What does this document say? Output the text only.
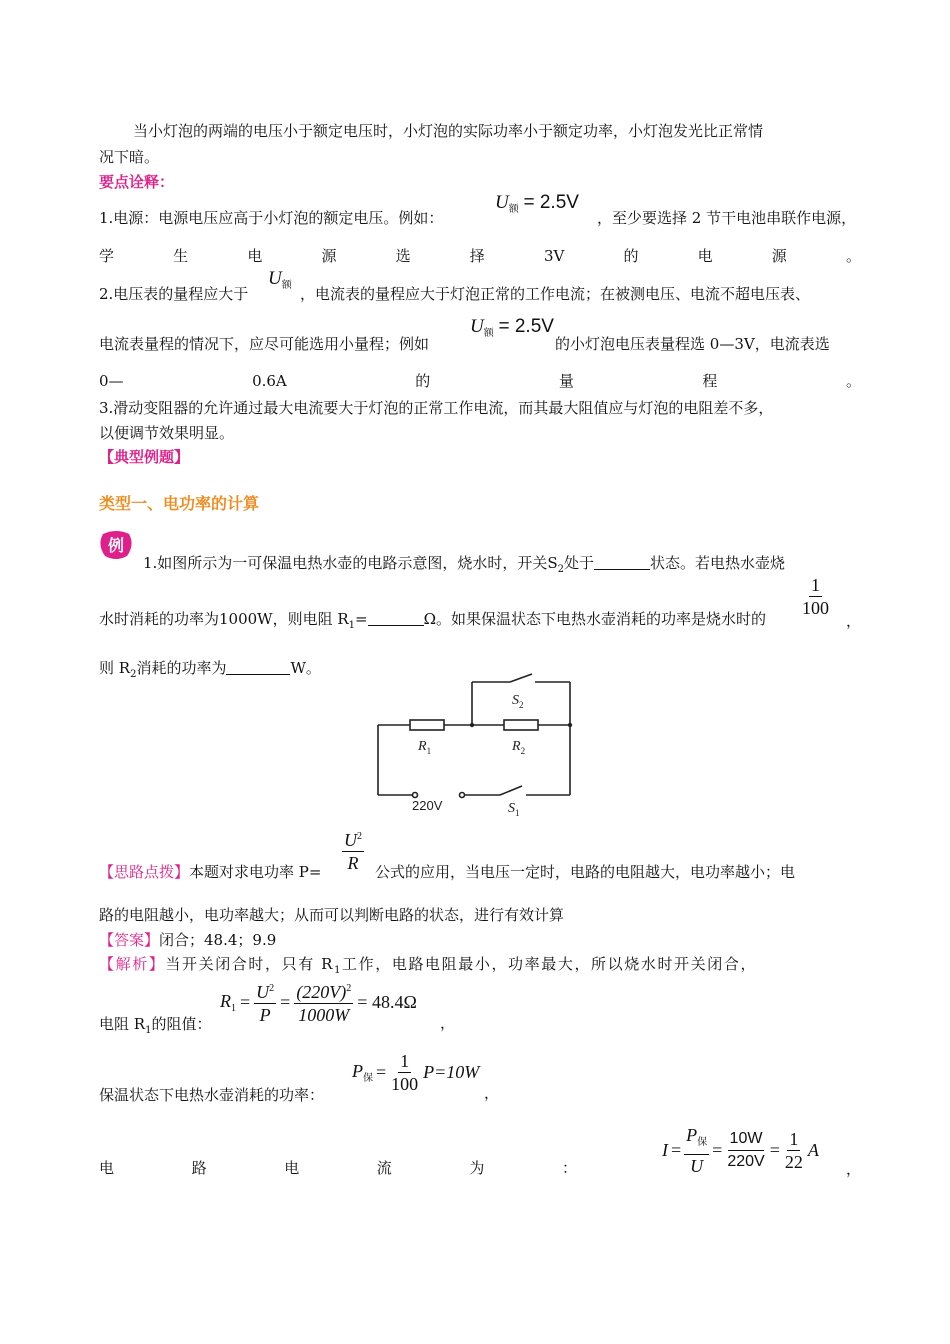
当小灯泡的两端的电压小于额定电压时，小灯泡的实际功率小于额定功率，小灯泡发光比正常情
况下暗。
要点诠释：
1.电源：电源电压应高于小灯泡的额定电压。例如：
$U_额 = 2.5V$
，至少要选择 2 节干电池串联作电源，
学	生	电	源	选	择	3V	的	电	源	。
2.电压表的量程应大于
$U_额$ ，电流表的量程应大于灯泡正常的工作电流；在被测电压、电流不超电压表、
电流表量程的情况下，应尽可能选用小量程；例如
$U_额 = 2.5V$
的小灯泡电压表量程选 0—3V，电流表选
0—	0.6A	的	量	程	。
3.滑动变阻器的允许通过最大电流要大于灯泡的正常工作电流，而其最大阻值应与灯泡的电阻差不多，
以便调节效果明显。
【典型例题】
类型一、电功率的计算
例
1.如图所示为一可保温电热水壶的电路示意图，烧水时，开关$S_2$处于	状态。若电热水壶烧
水时消耗的功率为1000W，则电阻 $R_1=$	Ω。如果保温状态下电热水壶消耗的功率是烧水时的	$\frac{1}{100}$
，
则 $R_2$消耗的功率为	W。
$S_2$
$R_1$	$R_2$
220V	$S_1$
【思路点拨】本题对求电功率 P=	$\frac{U^2}{R}$ 公式的应用，当电压一定时，电路的电阻越大，电功率越小；电
路的电阻越小，电功率越大；从而可以判断电路的状态，进行有效计算
【答案】闭合；48.4；9.9
【解析】当开关闭合时，只有 $R_1$工作，电路电阻最小，功率最大，所以烧水时开关闭合，
电阻 $R_1$的阻值：
$R_1 = \frac{U^2}{P} = \frac{(220V)^2}{1000W} = 48.4\Omega$
，
保温状态下电热水壶消耗的功率：
$P_保 = \frac{1}{100} P=10W$
，
电	路	电	流	为	：
$I = \frac{P_保}{U} = \frac{10W}{220V} = \frac{1}{22}$ A
，
